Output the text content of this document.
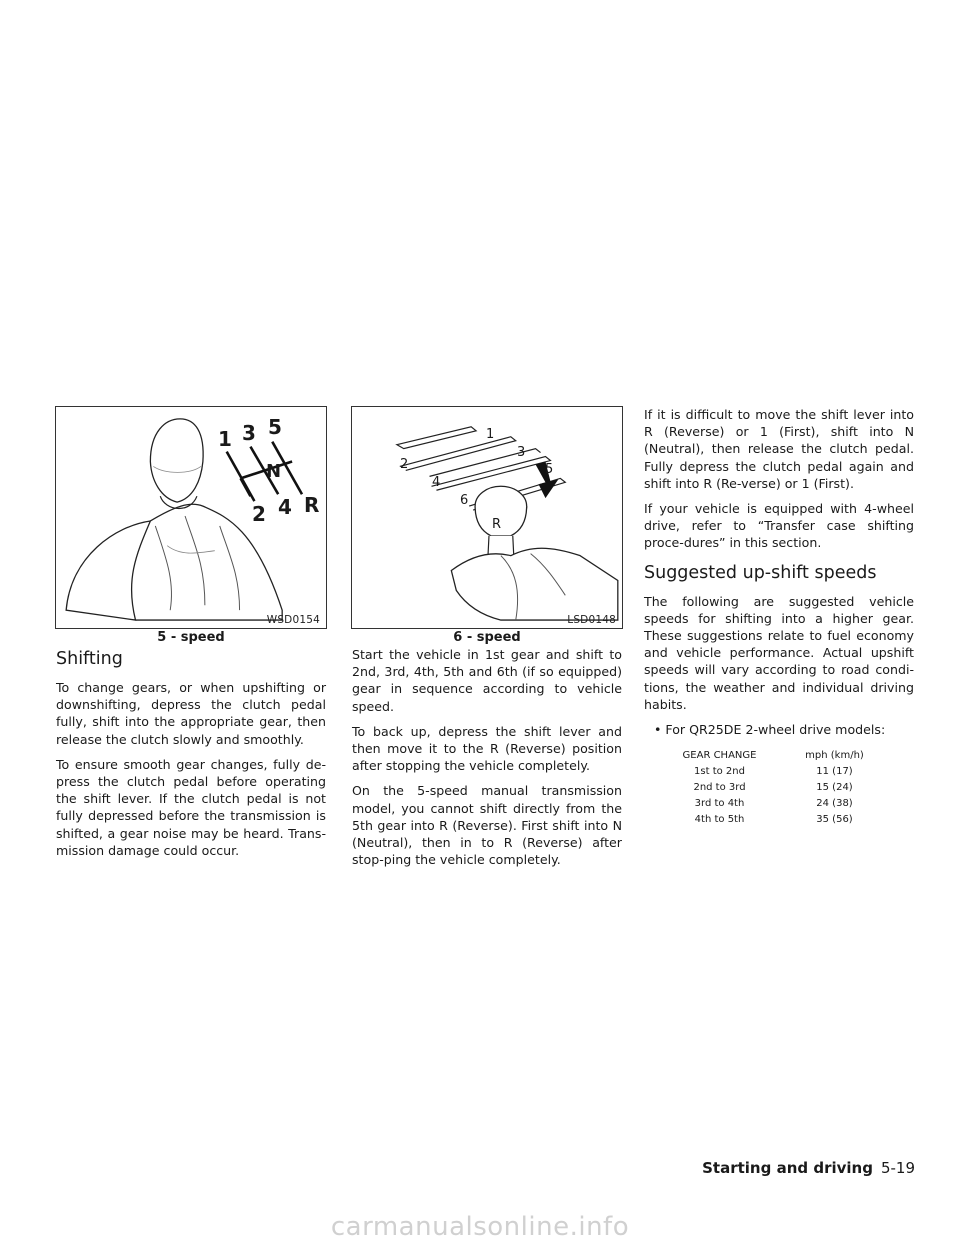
1 3 5
N
2 4 R
WSD0154
5 - speed
1
2
3
4
5
6
R
LSD0148
6 - speed
Shifting

To change gears, or when upshifting or downshifting, depress the clutch pedal fully, shift into the appropriate gear, then release the clutch slowly and smoothly.

To ensure smooth gear changes, fully de-press the clutch pedal before operating the shift lever. If the clutch pedal is not fully depressed before the transmission is shifted, a gear noise may be heard. Trans-mission damage could occur.

Start the vehicle in 1st gear and shift to 2nd, 3rd, 4th, 5th and 6th (if so equipped) gear in sequence according to vehicle speed.

To back up, depress the shift lever and then move it to the R (Reverse) position after stopping the vehicle completely.

On the 5-speed manual transmission model, you cannot shift directly from the 5th gear into R (Reverse). First shift into N (Neutral), then in to R (Reverse) after stop-ping the vehicle completely.

If it is difficult to move the shift lever into R (Reverse) or 1 (First), shift into N (Neutral), then release the clutch pedal. Fully depress the clutch pedal again and shift into R (Re-verse) or 1 (First).

If your vehicle is equipped with 4-wheel drive, refer to “Transfer case shifting proce-dures” in this section.

Suggested up-shift speeds

The following are suggested vehicle speeds for shifting into a higher gear. These suggestions relate to fuel economy and vehicle performance. Actual upshift speeds will vary according to road condi-tions, the weather and individual driving habits.

• For QR25DE 2-wheel drive models:
GEAR CHANGE	mph (km/h)
1st to 2nd	11 (17)
2nd to 3rd	15 (24)
3rd to 4th	24 (38)
4th to 5th	35 (56)
Starting and driving 5-19
carmanualsonline.info
